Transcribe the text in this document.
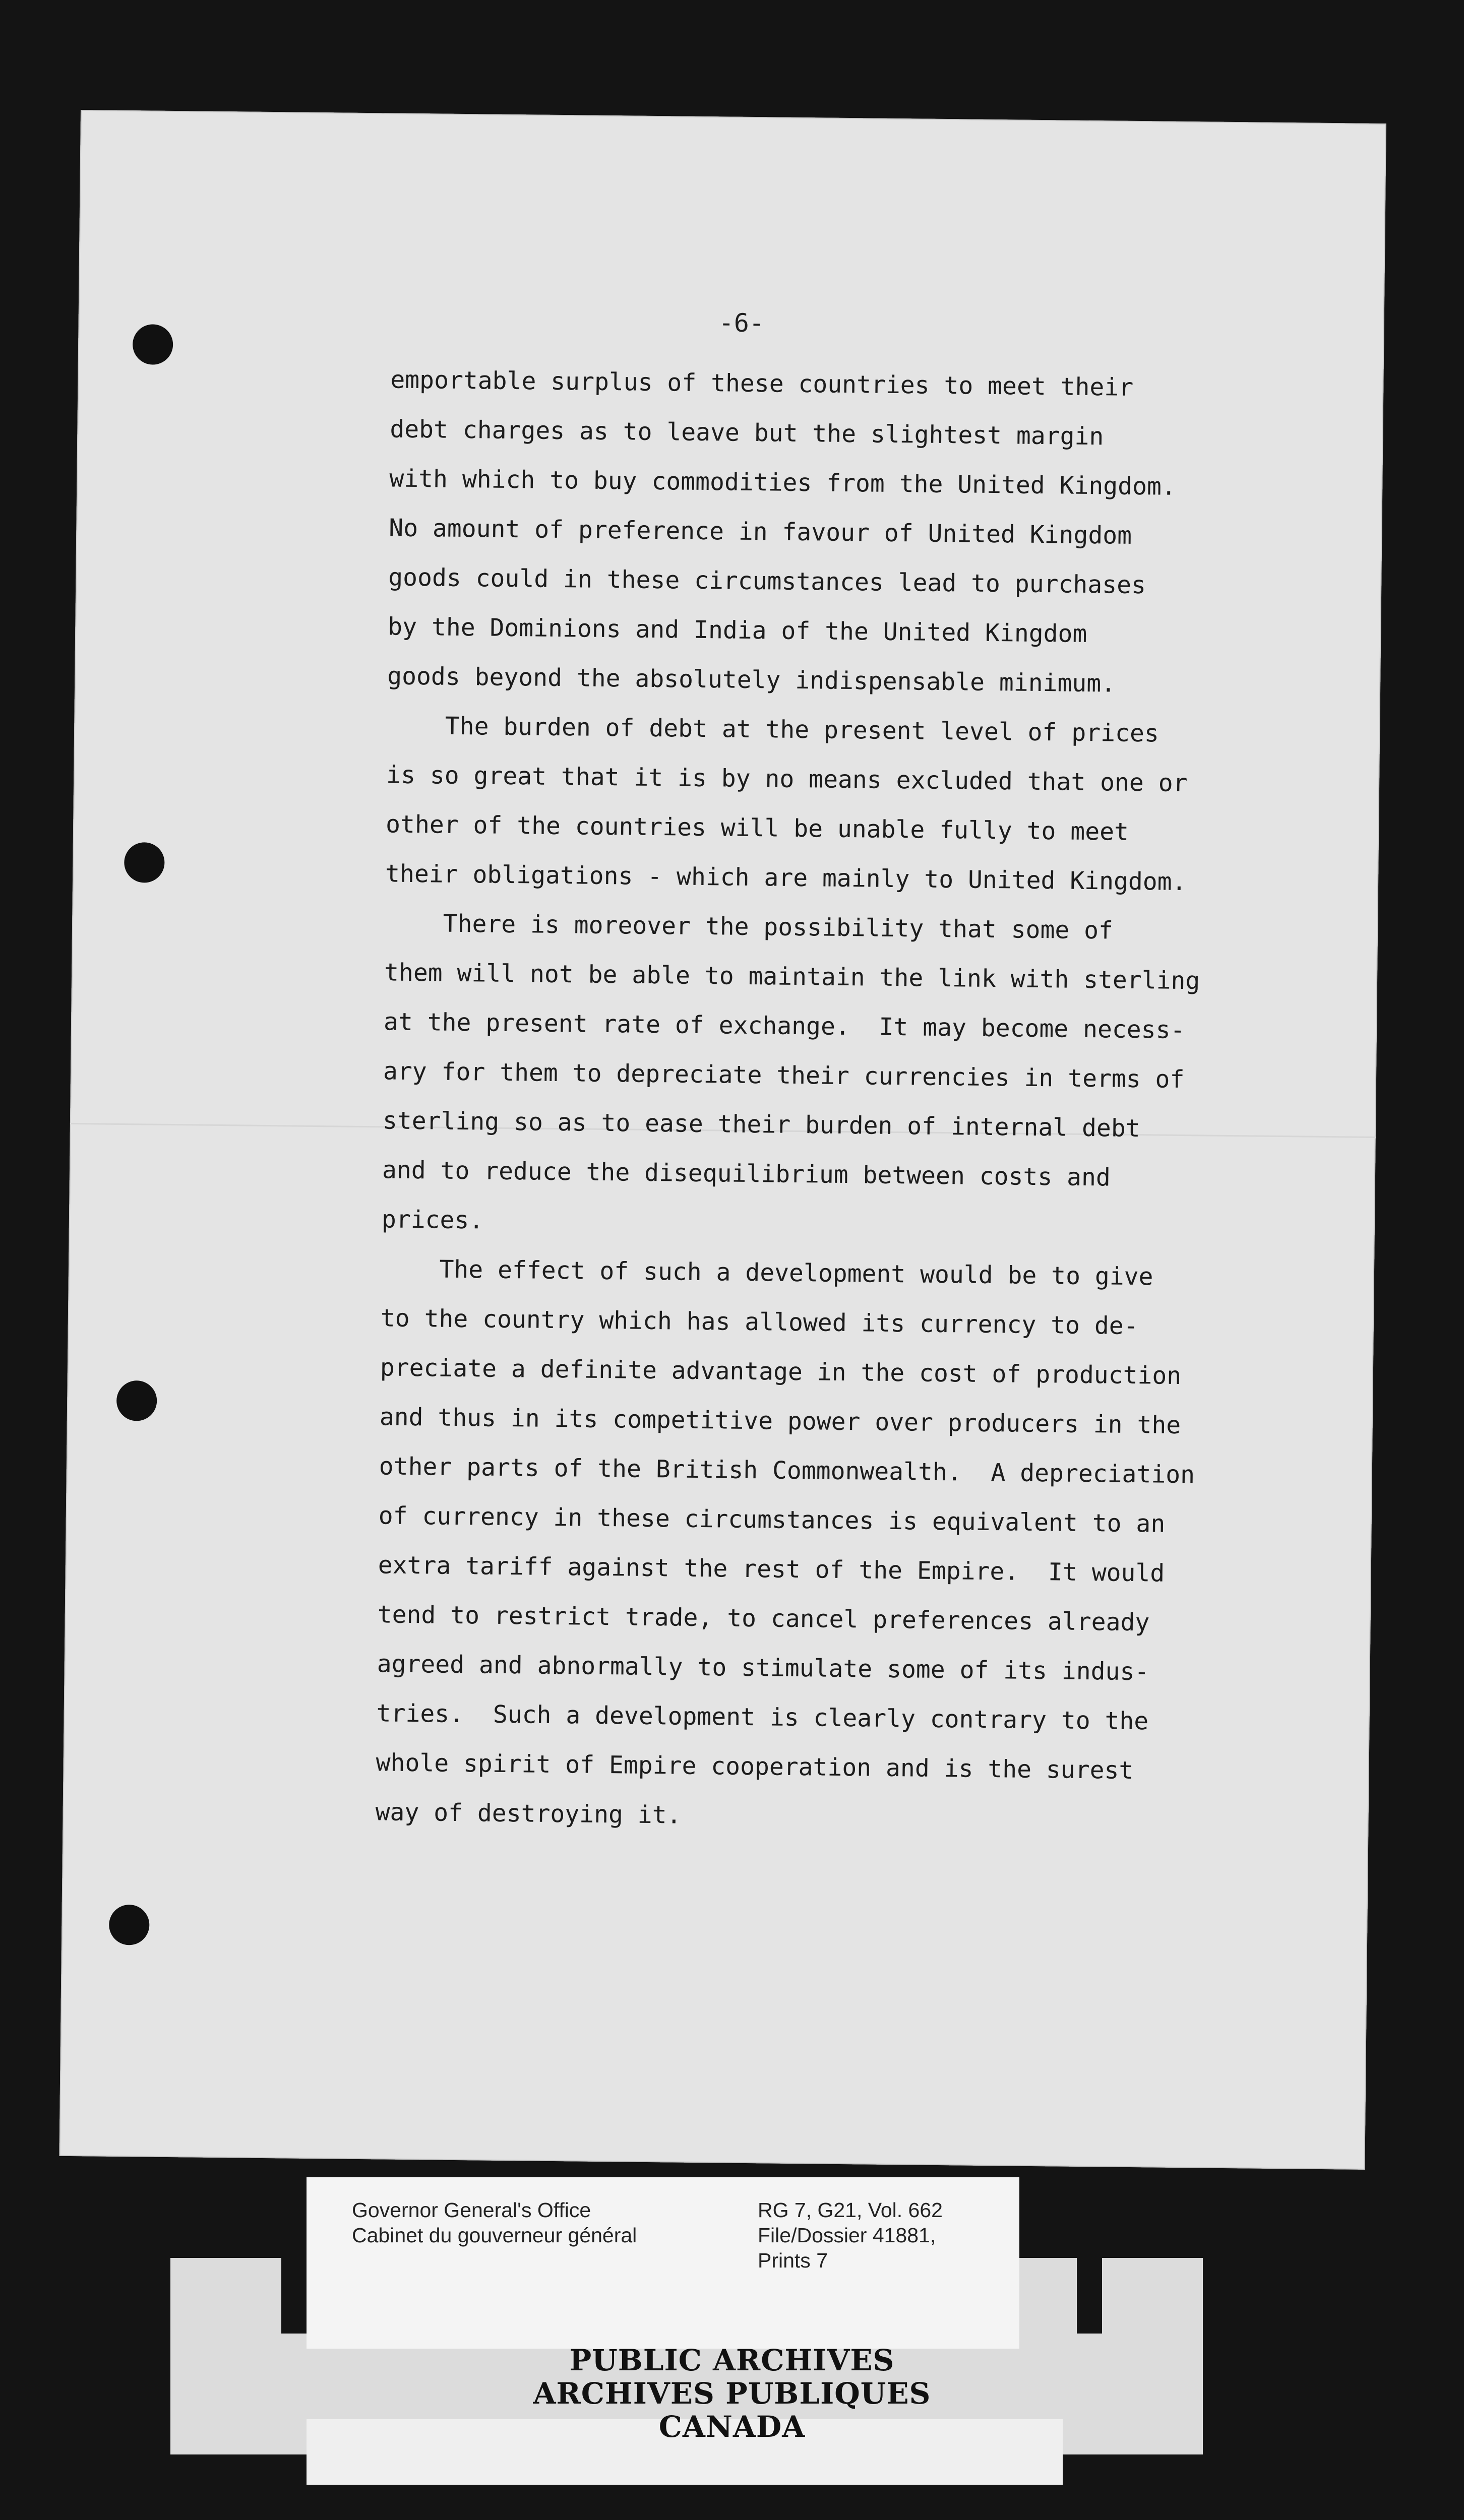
-6-
emportable surplus of these countries to meet their
debt charges as to leave but the slightest margin
with which to buy commodities from the United Kingdom.
No amount of preference in favour of United Kingdom
goods could in these circumstances lead to purchases
by the Dominions and India of the United Kingdom
goods beyond the absolutely indispensable minimum.
The burden of debt at the present level of prices
is so great that it is by no means excluded that one or
other of the countries will be unable fully to meet
their obligations - which are mainly to United Kingdom.
There is moreover the possibility that some of
them will not be able to maintain the link with sterling
at the present rate of exchange.  It may become necess-
ary for them to depreciate their currencies in terms of
sterling so as to ease their burden of internal debt
and to reduce the disequilibrium between costs and
prices.
The effect of such a development would be to give
to the country which has allowed its currency to de-
preciate a definite advantage in the cost of production
and thus in its competitive power over producers in the
other parts of the British Commonwealth.  A depreciation
of currency in these circumstances is equivalent to an
extra tariff against the rest of the Empire.  It would
tend to restrict trade, to cancel preferences already
agreed and abnormally to stimulate some of its indus-
tries.  Such a development is clearly contrary to the
whole spirit of Empire cooperation and is the surest
way of destroying it.
Governor General's Office
Cabinet du gouverneur général
RG 7, G21, Vol. 662
File/Dossier 41881,
Prints 7
PUBLIC ARCHIVES
ARCHIVES PUBLIQUES
CANADA
